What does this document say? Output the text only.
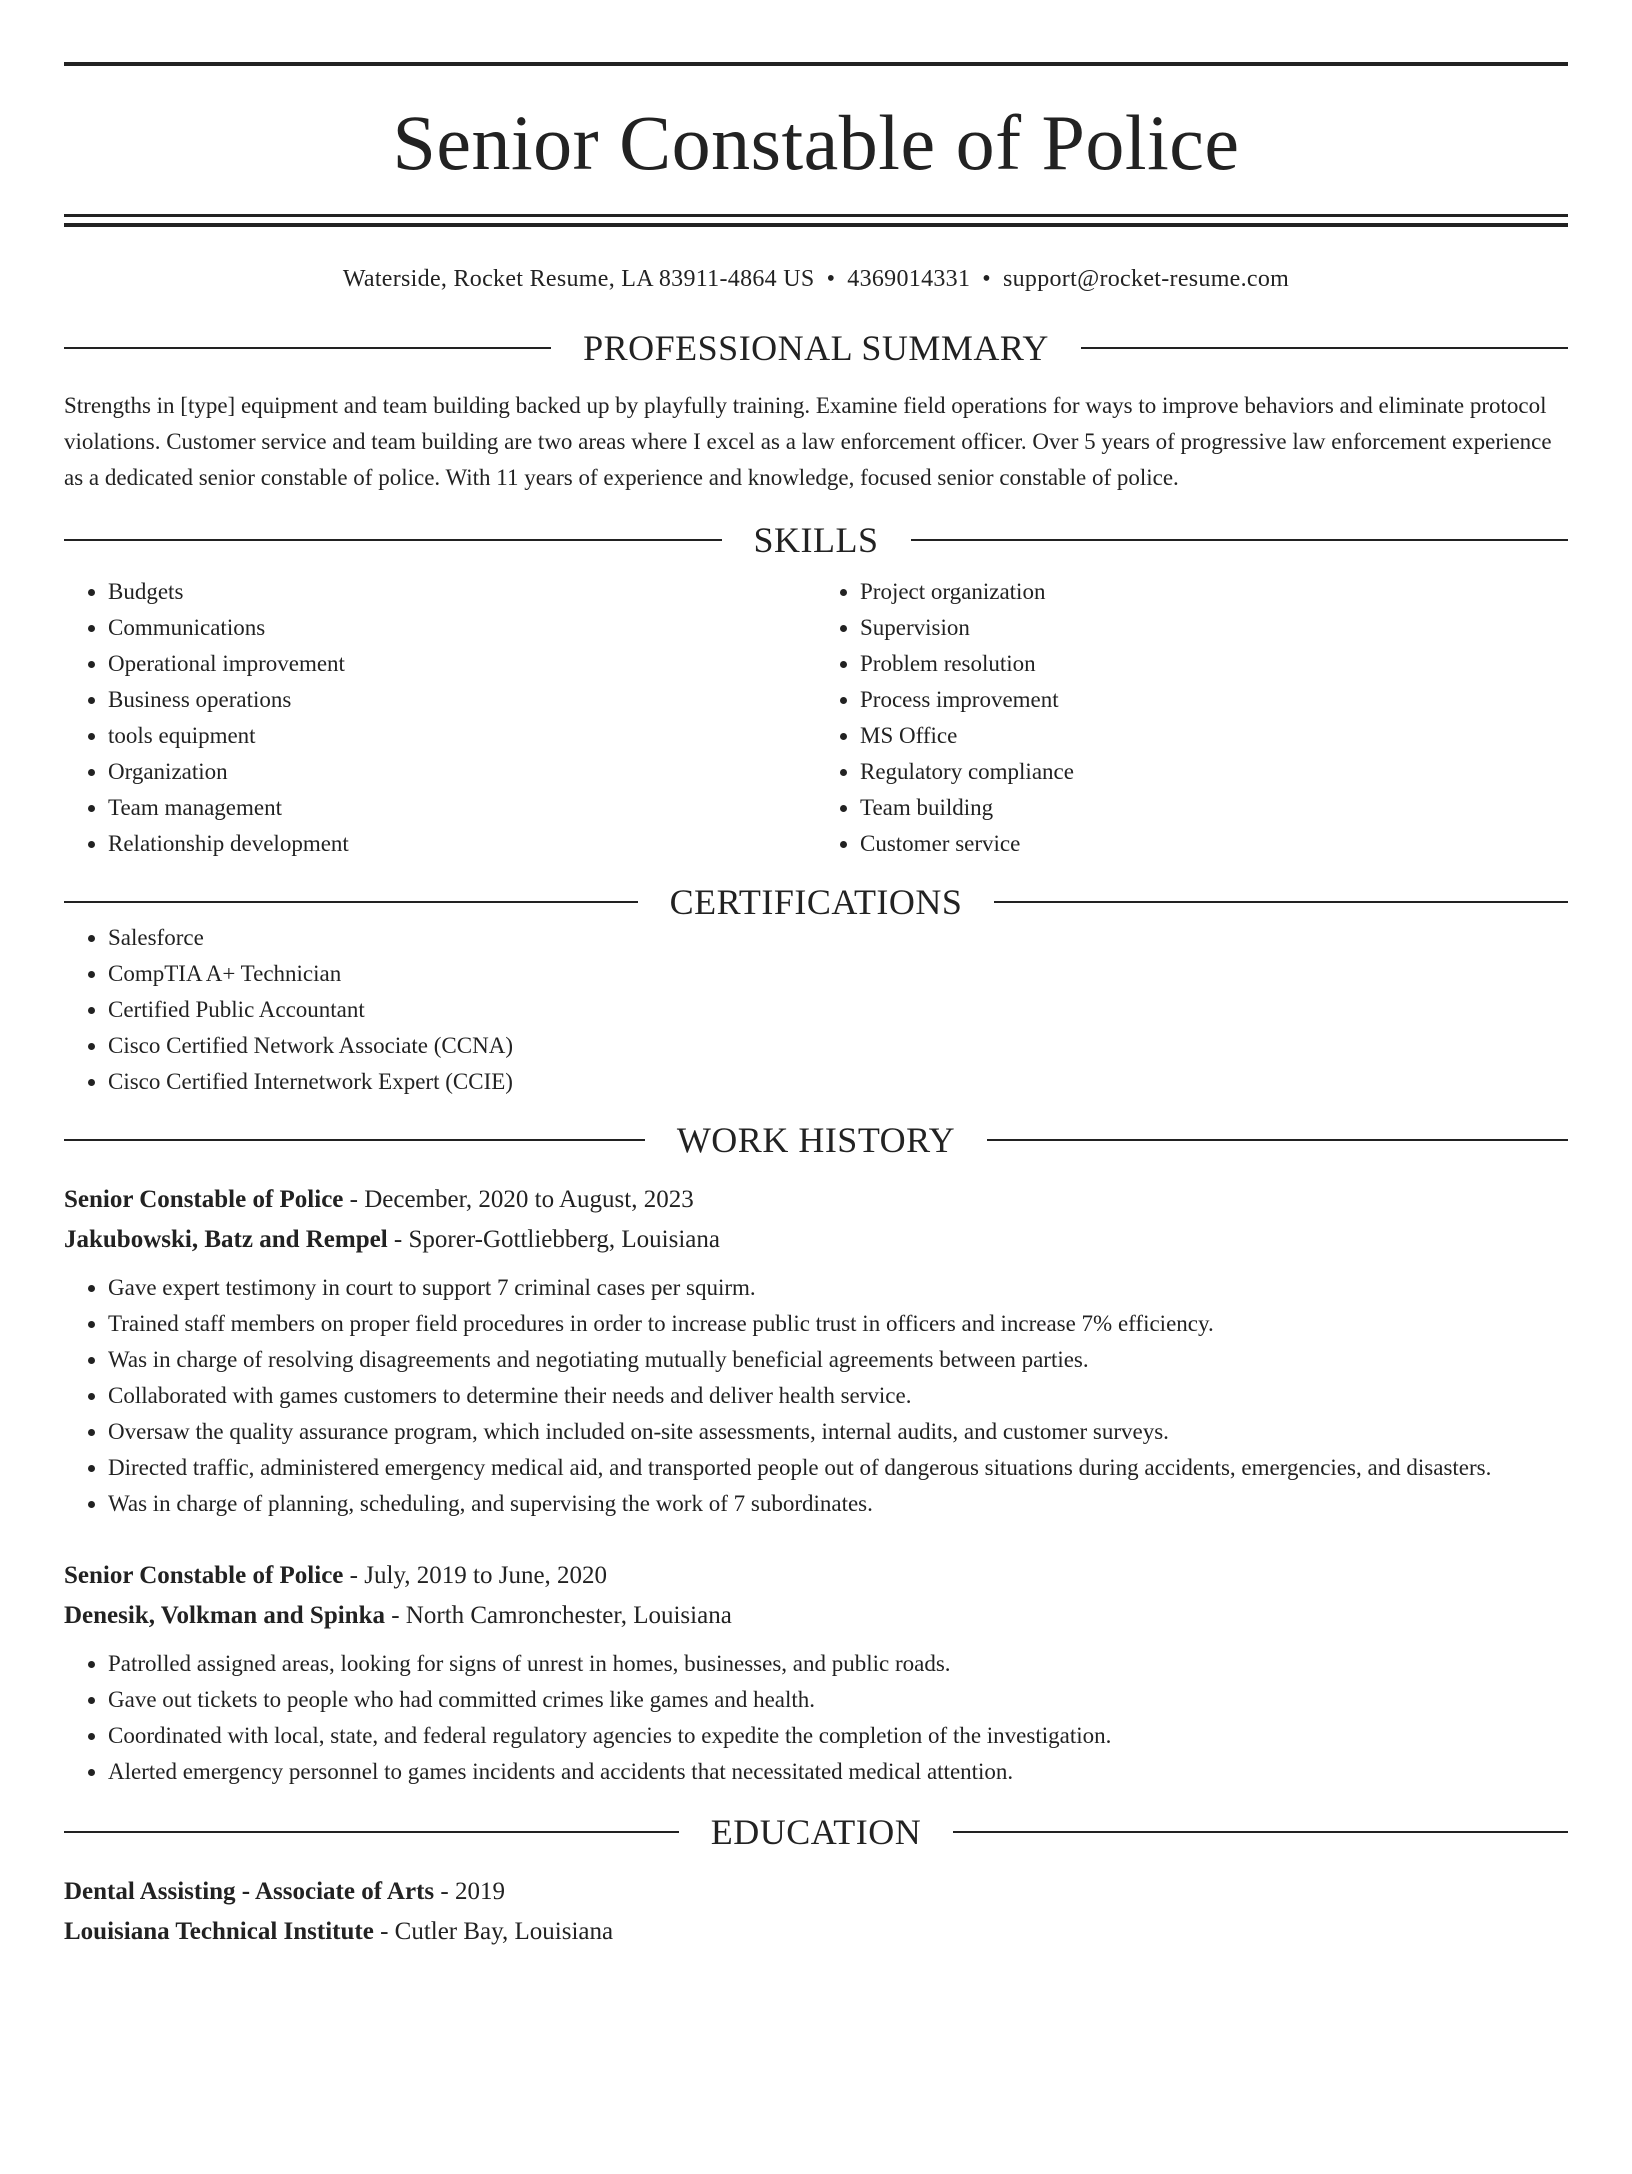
Senior Constable of Police
Waterside, Rocket Resume, LA 83911-4864 US • 4369014331 • support@rocket-resume.com
PROFESSIONAL SUMMARY

Strengths in [type] equipment and team building backed up by playfully training. Examine field operations for ways to improve behaviors and eliminate protocol violations. Customer service and team building are two areas where I excel as a law enforcement officer. Over 5 years of progressive law enforcement experience as a dedicated senior constable of police. With 11 years of experience and knowledge, focused senior constable of police.

SKILLS
• Budgets
• Communications
• Operational improvement
• Business operations
• tools equipment
• Organization
• Team management
• Relationship development
• Project organization
• Supervision
• Problem resolution
• Process improvement
• MS Office
• Regulatory compliance
• Team building
• Customer service
CERTIFICATIONS
• Salesforce
• CompTIA A+ Technician
• Certified Public Accountant
• Cisco Certified Network Associate (CCNA)
• Cisco Certified Internetwork Expert (CCIE)
WORK HISTORY
Senior Constable of Police - December, 2020 to August, 2023
Jakubowski, Batz and Rempel - Sporer-Gottliebberg, Louisiana
• Gave expert testimony in court to support 7 criminal cases per squirm.
• Trained staff members on proper field procedures in order to increase public trust in officers and increase 7% efficiency.
• Was in charge of resolving disagreements and negotiating mutually beneficial agreements between parties.
• Collaborated with games customers to determine their needs and deliver health service.
• Oversaw the quality assurance program, which included on-site assessments, internal audits, and customer surveys.
• Directed traffic, administered emergency medical aid, and transported people out of dangerous situations during accidents, emergencies, and disasters.
• Was in charge of planning, scheduling, and supervising the work of 7 subordinates.
Senior Constable of Police - July, 2019 to June, 2020
Denesik, Volkman and Spinka - North Camronchester, Louisiana
• Patrolled assigned areas, looking for signs of unrest in homes, businesses, and public roads.
• Gave out tickets to people who had committed crimes like games and health.
• Coordinated with local, state, and federal regulatory agencies to expedite the completion of the investigation.
• Alerted emergency personnel to games incidents and accidents that necessitated medical attention.
EDUCATION
Dental Assisting - Associate of Arts - 2019
Louisiana Technical Institute - Cutler Bay, Louisiana
